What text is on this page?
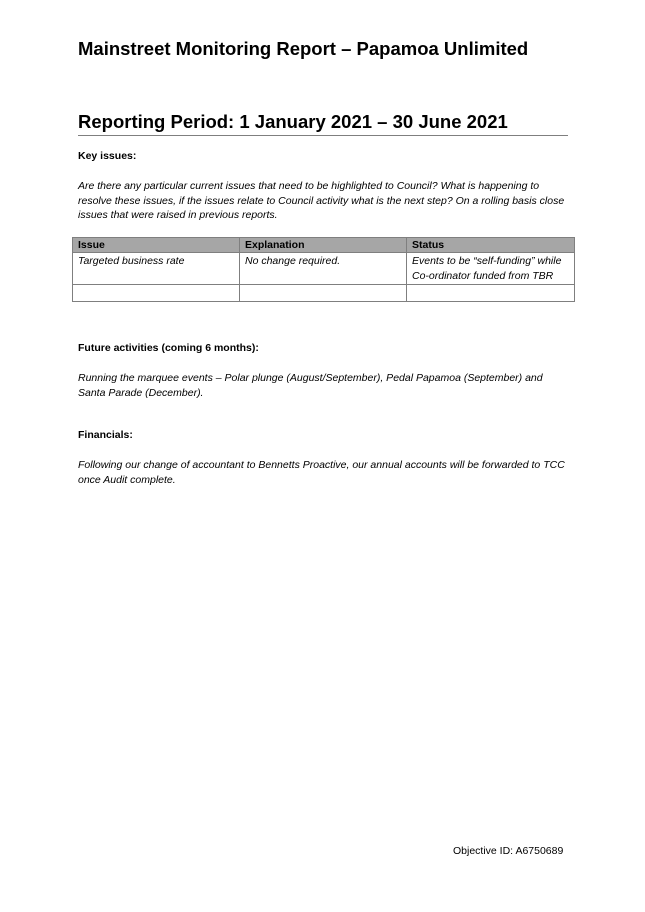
Mainstreet Monitoring Report – Papamoa Unlimited
Reporting Period: 1 January 2021 – 30 June 2021
Key issues:
Are there any particular current issues that need to be highlighted to Council? What is happening to resolve these issues, if the issues relate to Council activity what is the next step? On a rolling basis close issues that were raised in previous reports.
Issue	Explanation	Status
Targeted business rate	No change required.	Events to be “self-funding” while Co-ordinator funded from TBR

Future activities (coming 6 months):
Running the marquee events – Polar plunge (August/September), Pedal Papamoa (September) and Santa Parade (December).
Financials:
Following our change of accountant to Bennetts Proactive, our annual accounts will be forwarded to TCC once Audit complete.
Objective ID: A6750689
